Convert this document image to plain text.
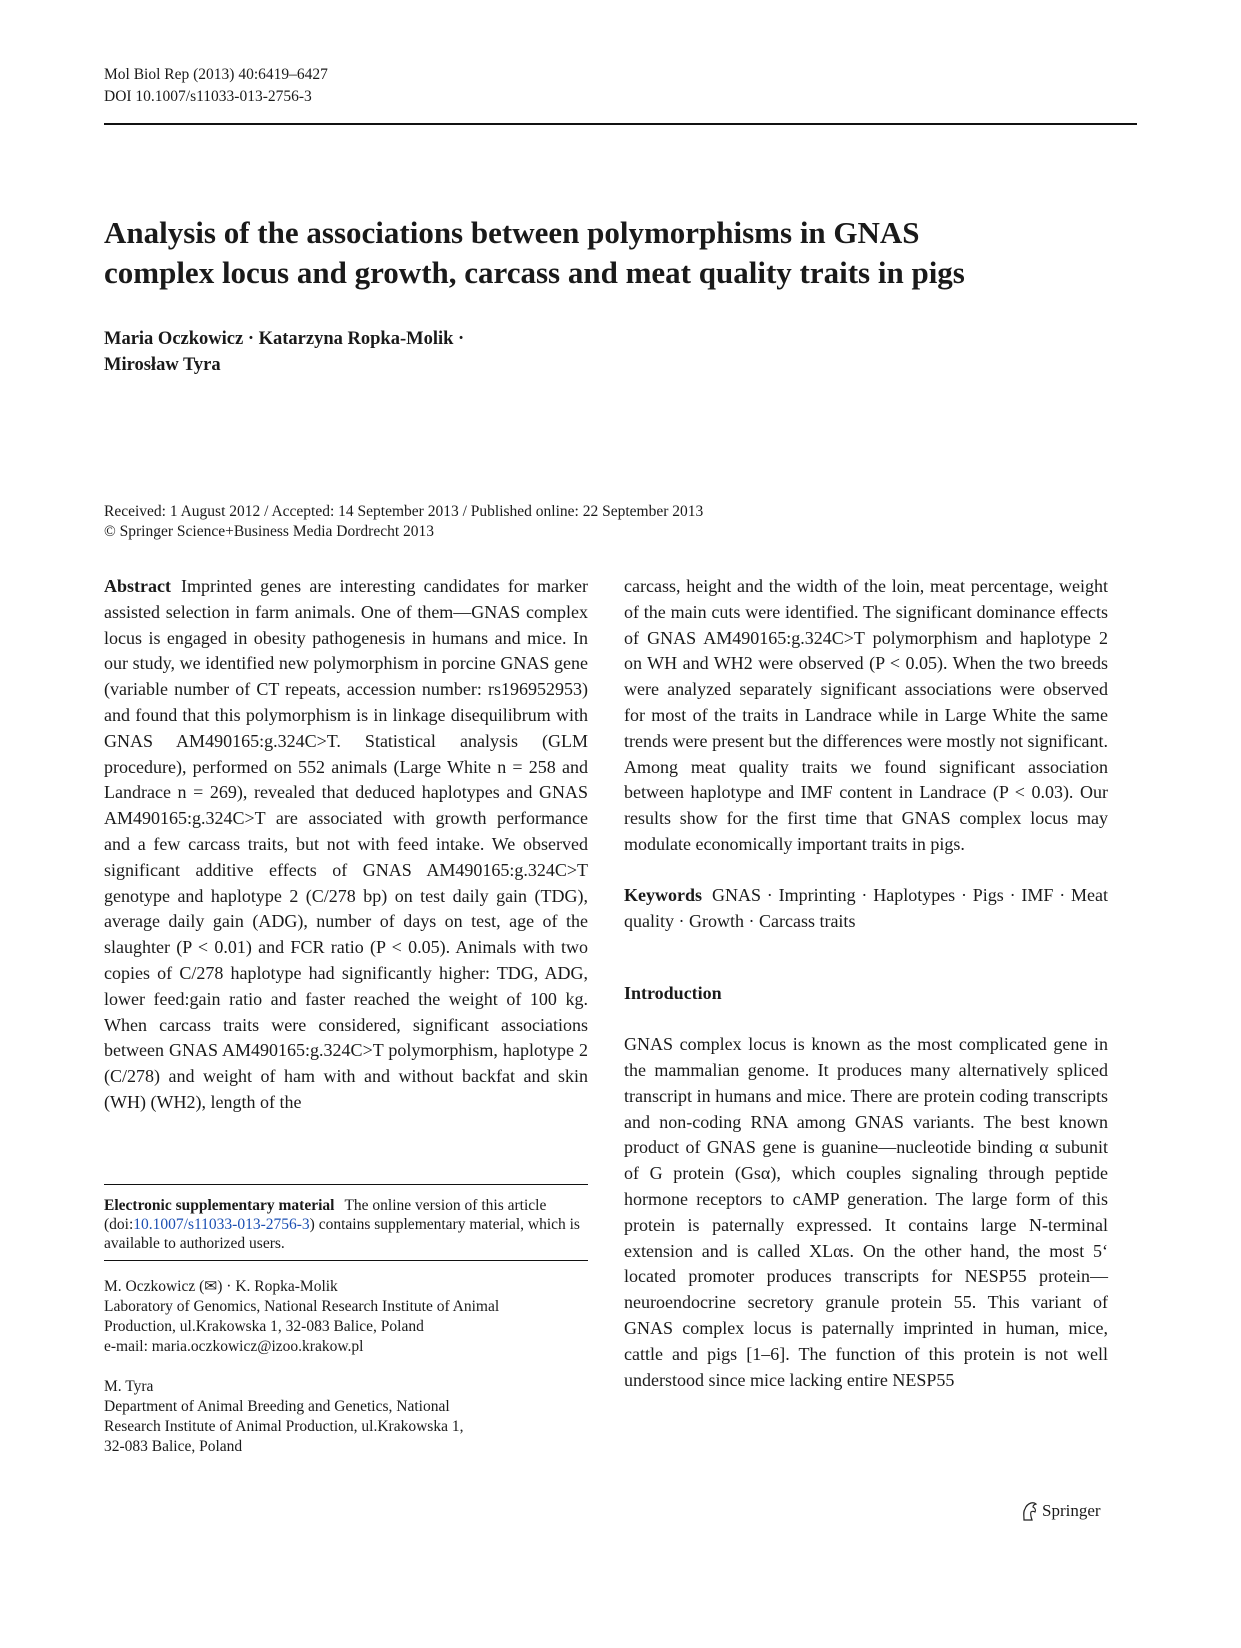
Mol Biol Rep (2013) 40:6419–6427
DOI 10.1007/s11033-013-2756-3
Analysis of the associations between polymorphisms in GNAS
complex locus and growth, carcass and meat quality traits in pigs
Maria Oczkowicz · Katarzyna Ropka-Molik ·
Mirosław Tyra
Received: 1 August 2012 / Accepted: 14 September 2013 / Published online: 22 September 2013
© Springer Science+Business Media Dordrecht 2013

Abstract Imprinted genes are interesting candidates for marker assisted selection in farm animals. One of them—GNAS complex locus is engaged in obesity pathogenesis in humans and mice. In our study, we identified new polymorphism in porcine GNAS gene (variable number of CT repeats, accession number: rs196952953) and found that this polymorphism is in linkage disequilibrum with GNAS AM490165:g.324C>T. Statistical analysis (GLM procedure), performed on 552 animals (Large White n = 258 and Landrace n = 269), revealed that deduced haplotypes and GNAS AM490165:g.324C>T are associated with growth performance and a few carcass traits, but not with feed intake. We observed significant additive effects of GNAS AM490165:g.324C>T genotype and haplotype 2 (C/278 bp) on test daily gain (TDG), average daily gain (ADG), number of days on test, age of the slaughter (P < 0.01) and FCR ratio (P < 0.05). Animals with two copies of C/278 haplotype had significantly higher: TDG, ADG, lower feed:gain ratio and faster reached the weight of 100 kg. When carcass traits were considered, significant associations between GNAS AM490165:g.324C>T polymorphism, haplotype 2 (C/278) and weight of ham with and without backfat and skin (WH) (WH2), length of the

Electronic supplementary material The online version of this article (doi:10.1007/s11033-013-2756-3) contains supplementary material, which is available to authorized users.

M. Oczkowicz (✉) · K. Ropka-Molik

Laboratory of Genomics, National Research Institute of Animal

Production, ul.Krakowska 1, 32-083 Balice, Poland

e-mail: maria.oczkowicz@izoo.krakow.pl

M. Tyra

Department of Animal Breeding and Genetics, National

Research Institute of Animal Production, ul.Krakowska 1,

32-083 Balice, Poland

carcass, height and the width of the loin, meat percentage, weight of the main cuts were identified. The significant dominance effects of GNAS AM490165:g.324C>T polymorphism and haplotype 2 on WH and WH2 were observed (P < 0.05). When the two breeds were analyzed separately significant associations were observed for most of the traits in Landrace while in Large White the same trends were present but the differences were mostly not significant. Among meat quality traits we found significant association between haplotype and IMF content in Landrace (P < 0.03). Our results show for the first time that GNAS complex locus may modulate economically important traits in pigs.

Keywords GNAS · Imprinting · Haplotypes · Pigs · IMF · Meat quality · Growth · Carcass traits

Introduction

GNAS complex locus is known as the most complicated gene in the mammalian genome. It produces many alternatively spliced transcript in humans and mice. There are protein coding transcripts and non-coding RNA among GNAS variants. The best known product of GNAS gene is guanine—nucleotide binding α subunit of G protein (Gsα), which couples signaling through peptide hormone receptors to cAMP generation. The large form of this protein is paternally expressed. It contains large N-terminal extension and is called XLαs. On the other hand, the most 5‘ located promoter produces transcripts for NESP55 protein—neuroendocrine secretory granule protein 55. This variant of GNAS complex locus is paternally imprinted in human, mice, cattle and pigs [1–6]. The function of this protein is not well understood since mice lacking entire NESP55

Springer
